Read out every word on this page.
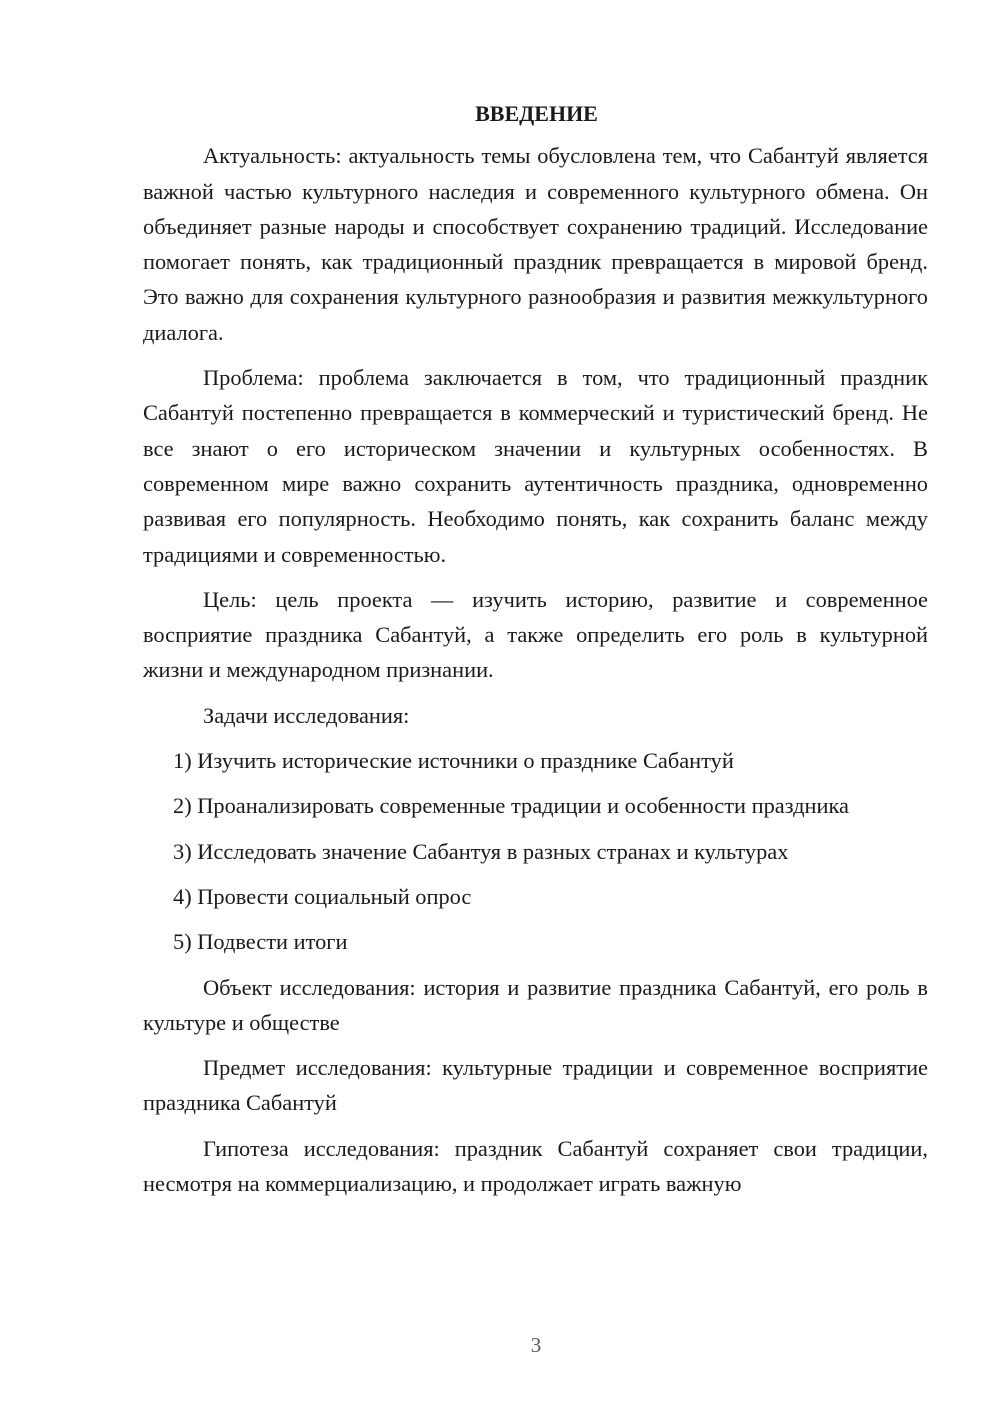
ВВЕДЕНИЕ

Актуальность: актуальность темы обусловлена тем, что Сабантуй является важной частью культурного наследия и современного культурного обмена. Он объединяет разные народы и способствует сохранению традиций. Исследование помогает понять, как традиционный праздник превращается в мировой бренд. Это важно для сохранения культурного разнообразия и развития межкультурного диалога.

Проблема: проблема заключается в том, что традиционный праздник Сабантуй постепенно превращается в коммерческий и туристический бренд. Не все знают о его историческом значении и культурных особенностях. В современном мире важно сохранить аутентичность праздника, одновременно развивая его популярность. Необходимо понять, как сохранить баланс между традициями и современностью.

Цель: цель проекта — изучить историю, развитие и современное восприятие праздника Сабантуй, а также определить его роль в культурной жизни и международном признании.

Задачи исследования:

1) Изучить исторические источники о празднике Сабантуй

2) Проанализировать современные традиции и особенности праздника

3) Исследовать значение Сабантуя в разных странах и культурах

4) Провести социальный опрос

5) Подвести итоги

Объект исследования: история и развитие праздника Сабантуй, его роль в культуре и обществе

Предмет исследования: культурные традиции и современное восприятие праздника Сабантуй

Гипотеза исследования: праздник Сабантуй сохраняет свои традиции, несмотря на коммерциализацию, и продолжает играть важную

3
